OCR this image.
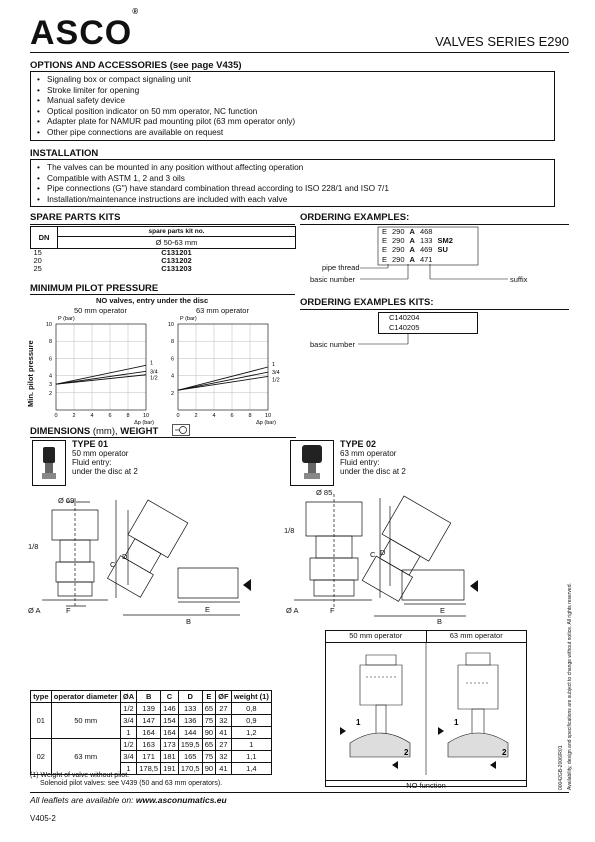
ASCO®
VALVES SERIES E290
OPTIONS AND ACCESSORIES (see page V435)
• Signaling box or compact signaling unit
• Stroke limiter for opening
• Manual safety device
• Optical position indicator on 50 mm operator, NC function
• Adapter plate for NAMUR pad mounting pilot (63 mm operator only)
• Other pipe connections are available on request
INSTALLATION
• The valves can be mounted in any position without affecting operation
• Compatible with ASTM 1, 2 and 3 oils
• Pipe connections (G") have standard combination thread according to ISO 228/1 and ISO 7/1
• Installation/maintenance instructions are included with each valve
SPARE PARTS KITS
DN	spare parts kit no.
	Ø 50-63 mm
15	C131201
20	C131202
25	C131203
MINIMUM PILOT PRESSURE
NO valves, entry under the disc
50 mm operator	63 mm operator
Min. pilot pressure	2
3
4
6
8
10
0	2	4	6	8 10
P (bar)
Δp (bar)
1
3/4
1/2
2
4
6
8
10
0	2	4	6	8 10
P (bar)
Δp (bar)
1
3/4
1/2
ORDERING EXAMPLES:
E 290 A 468
E 290 A 133 SM2
E 290 A 469 SU
E 290 A 471
pipe thread
basic number	suffix
ORDERING EXAMPLES KITS:
C140204
C140205
basic number
DIMENSIONS (mm), WEIGHT
TYPE 01
50 mm operator
Fluid entry:
under the disc at 2
TYPE 02
63 mm operator
Fluid entry:
under the disc at 2
Ø 69
1/8
C
D
E
F
Ø A
B
Ø 85
1/8
C D
E
F
Ø A
B
50 mm operator	63 mm operator
1
2
1
2
NO function
type	operator diameter	ØA	B	C	D	E	ØF	weight (1)
01	50 mm	1/2	139	146	133	65	27	0,8
		3/4	147	154	136	75	32	0,9
		1	164	164	144	90	41	1,2
02	63 mm	1/2	163	173	159,5	65	27	1
		3/4	171	181	165	75	32	1,1
		1	178,5	191	170,5	90	41	1,4
(1) Weight of valve without pilot.
Solenoid pilot valves: see V439 (50 and 63 mm operators).
All leaflets are available on: www.asconumatics.eu
V405-2
Availability, design and specifications are subject to change without notice. All rights reserved.
00042GB-2006/R01
